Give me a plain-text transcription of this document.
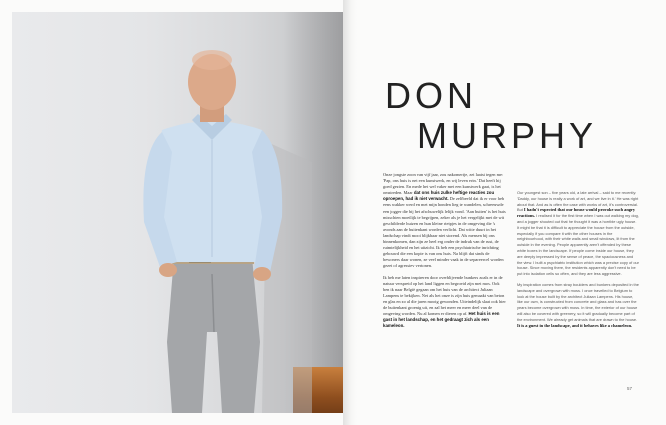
DON
MURPHY

Onze jongste zoon van vijf jaar, zou nakomertje, zei laatst tegen me: 'Pap, ons huis is net een kunstwerk, en wij leven erin.' Dat heeft hij goed gezien. En mede het wel vaker met een kunstwerk gaat, is het omstreden. Maar dat ons huis zulke heftige reacties zou oproepen, had ik niet verwacht. De zelfbeeld dat ik er voor heb eens wakker werd en met mijn honden lieg te wandelen, schreeuwde een jogger die bij het afschuwelijk lelijk vond. 'Aan buiten' is het huis misschien moeilijk te begrijpen, zeker als je het vergelijkt met de wit geschilderde huizen en hun kleine rietpjes in de omgeving die 's avonds aan de buitenkant worden verlicht. Dat witte duurt in het landschap vindt mooi blijkbaar niet storend. Als mensen bij ons binnenkomen, dan zijn ze heel erg onder de indruk van de rust, de ruimtelijkheid en het uitzicht. Ik heb een psychiatrische inrichting gebouwd die een kopie is van ons huis. Na blijft dat sinds de bewoners daar wonen, ze veel minder vaak in de separeercel worden gezet of agressiev vertonen.

Ik heb me laten inspireren door overblijvende bunkers zoals er in de natuur verspreid op het land liggen en begroeid zijn met mos. Ook ben ik naar België gegaan om het huis van de architect Juliaan Lampens te bekijken. Net als het onze is zijn huis gemaakt van beton en glas en zo al die jaren mooig gewonden. Uiteindelijk slaat ook hier de buitenkant groenig uit, en zal het meer en meer deel van de omgeving worden. Nu al komen er dieren op af. Het huis is een gast in het landschap, en het gedraagt zich als een kameleon.

Our youngest son – five years old, a late arrival – said to me recently: 'Daddy, our house is really a work of art, and we live in it.' He was right about that. And as is often the case with works of art, it's controversial. But I hadn't expected that our house would provoke such angry reactions. I realised it for the first time when I was out walking my dog, and a jogger shouted out that he thought it was a horrible ugly house. It might be that it is difficult to appreciate the house from the outside, especially if you compare it with the other houses in the neighbourhood, with their white walls and small windows, lit from the outside in the evening. People apparently aren't offended by these white boxes in the landscape. If people come inside our house, they are deeply impressed by the sense of peace, the spaciousness and the view. I built a psychiatric institution which was a precise copy of our house. Since moving there, the residents apparently don't need to be put into isolation cells so often, and they are less aggressive.

My inspiration comes from stray boulders and bunkers deposited in the landscape and overgrown with moss. I once travelled to Belgium to look at the house built by the architect Juliaan Lampens. His house, like our own, is constructed from concrete and glass and has over the years become overgrown with moss. In time, the exterior of our house will also be covered with greenery, so it will gradually become part of the environment. We already get animals that are drawn to the house. It is a guest in the landscape, and it behaves like a chameleon.

57
